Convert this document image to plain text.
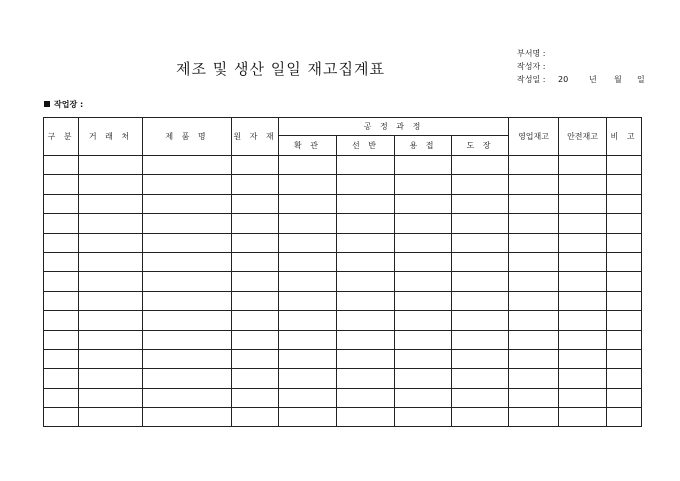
제조 및 생산 일일 재고집계표
부서명 :
작성자 :
작성일 : 20	년 월 일
작업장 :
구 분	거 래 처	제 품 명	원 자 재	공 정 과 정				영업재고	안전재고	비 고
				확 관	선 반	용 접	도 장			
